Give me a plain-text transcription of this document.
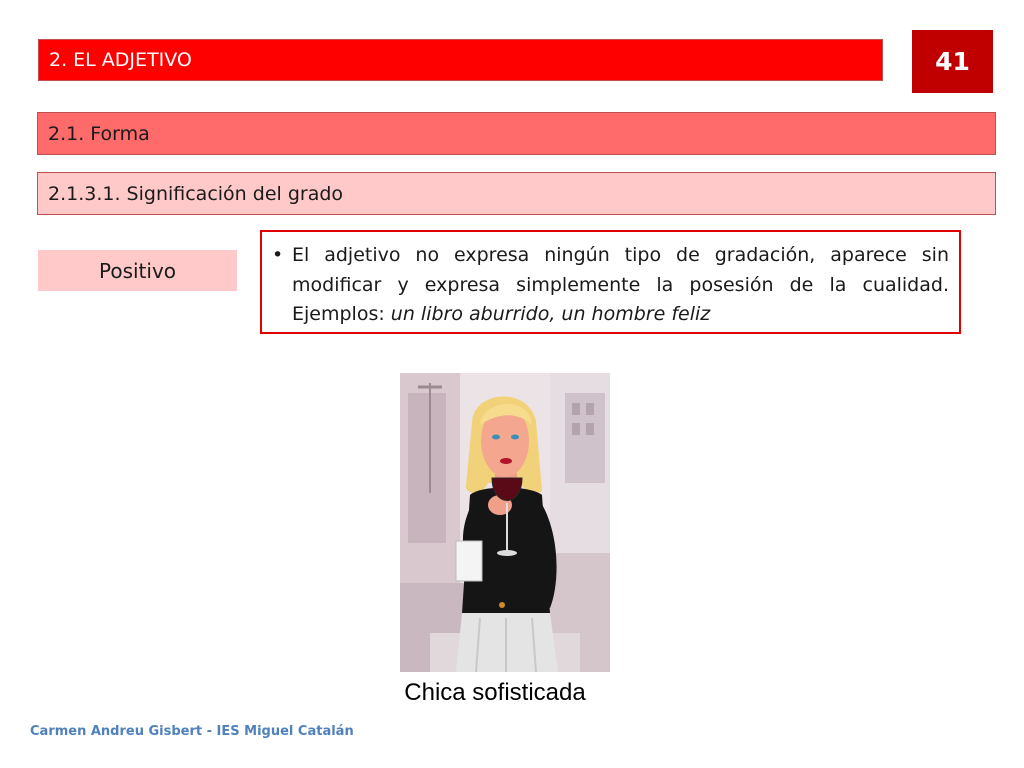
2. EL ADJETIVO	41
2.1. Forma
2.1.3.1. Significación del grado
Positivo
• El adjetivo no expresa ningún tipo de gradación, aparece sin modificar y expresa simplemente la posesión de la cualidad. Ejemplos: un libro aburrido, un hombre feliz
Chica sofisticada
Carmen Andreu Gisbert - IES Miguel Catalán
